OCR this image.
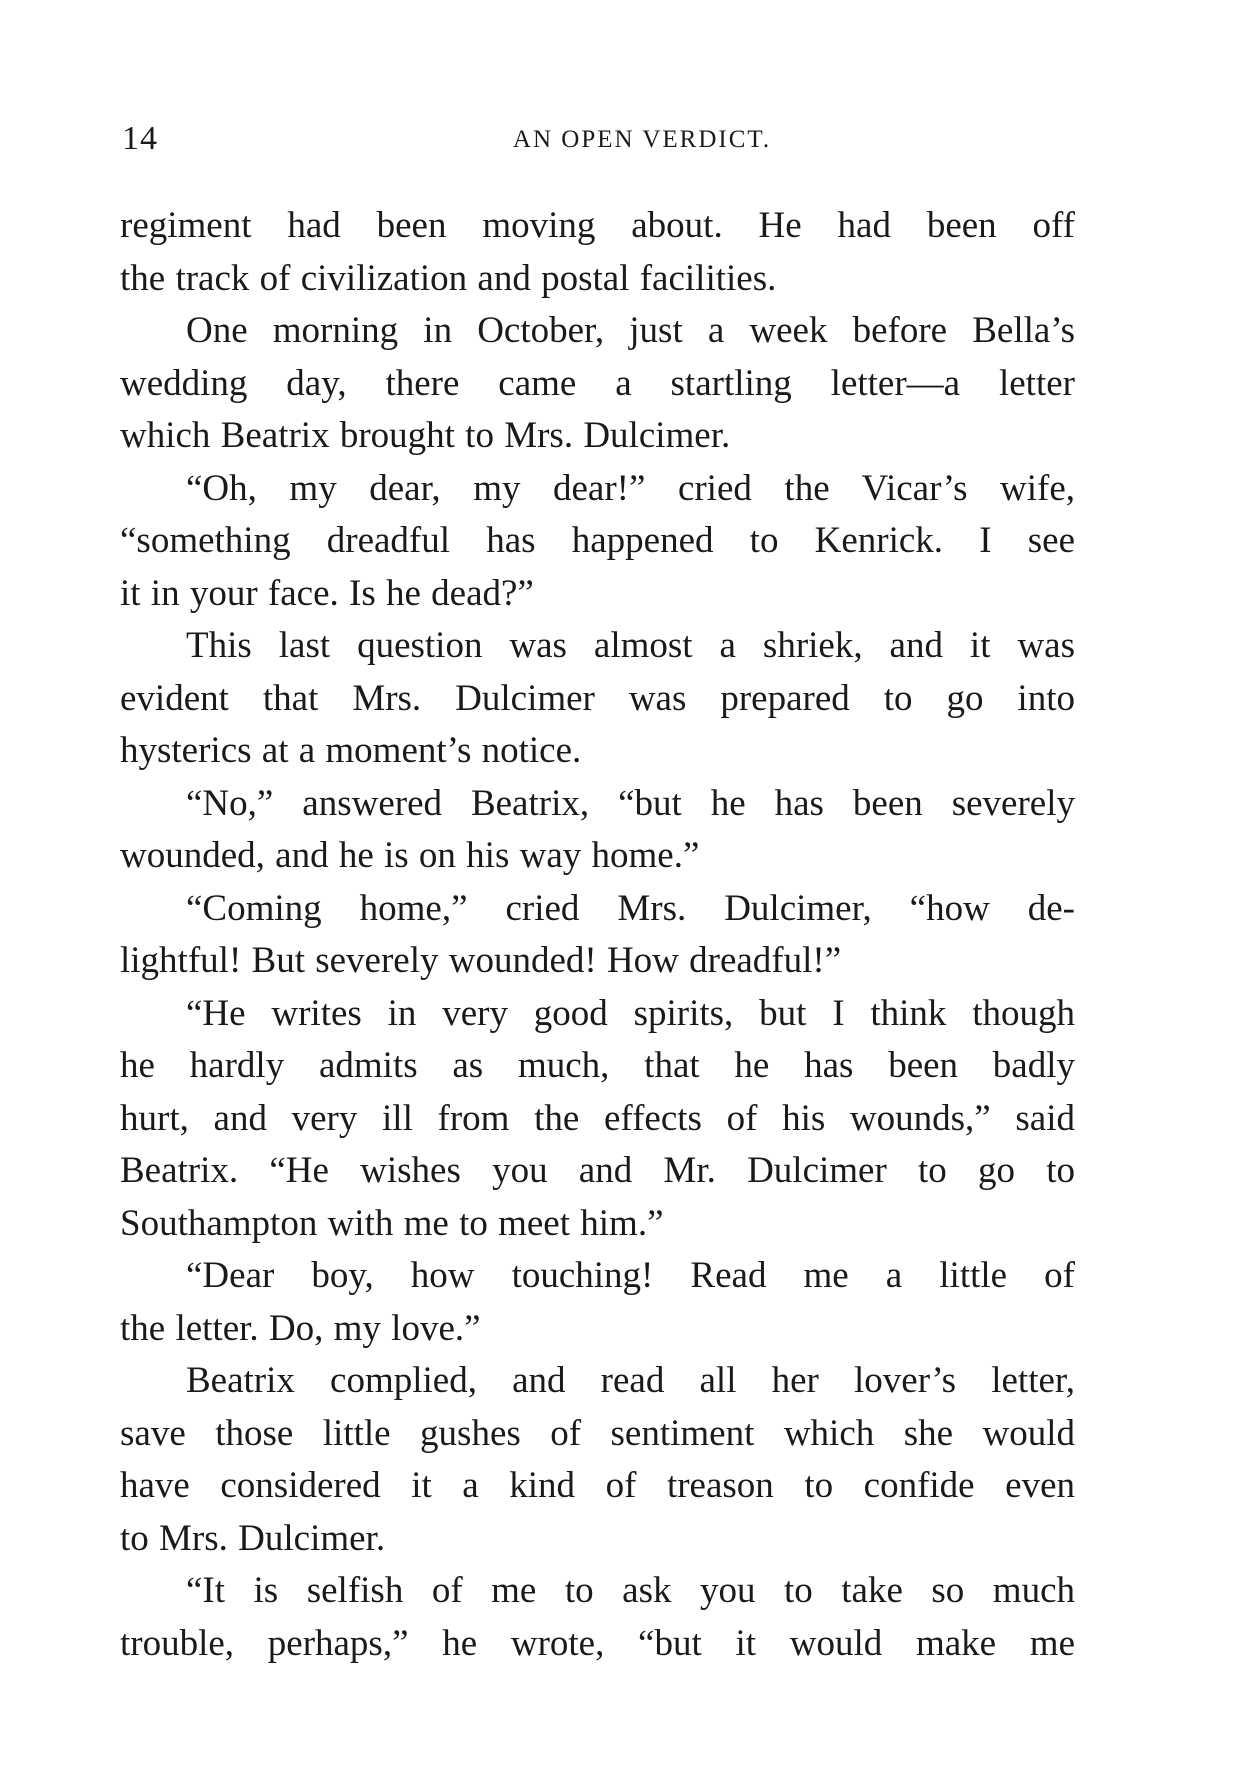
14	AN OPEN VERDICT.
regiment had been moving about. He had been off
the track of civilization and postal facilities.
One morning in October, just a week before Bella’s
wedding day, there came a startling letter—a letter
which Beatrix brought to Mrs. Dulcimer.
“Oh, my dear, my dear!” cried the Vicar’s wife,
“something dreadful has happened to Kenrick. I see
it in your face. Is he dead?”
This last question was almost a shriek, and it was
evident that Mrs. Dulcimer was prepared to go into
hysterics at a moment’s notice.
“No,” answered Beatrix, “but he has been severely
wounded, and he is on his way home.”
“Coming home,” cried Mrs. Dulcimer, “how de-
lightful! But severely wounded! How dreadful!”
“He writes in very good spirits, but I think though
he hardly admits as much, that he has been badly
hurt, and very ill from the effects of his wounds,” said
Beatrix. “He wishes you and Mr. Dulcimer to go to
Southampton with me to meet him.”
“Dear boy, how touching! Read me a little of
the letter. Do, my love.”
Beatrix complied, and read all her lover’s letter,
save those little gushes of sentiment which she would
have considered it a kind of treason to confide even
to Mrs. Dulcimer.
“It is selfish of me to ask you to take so much
trouble, perhaps,” he wrote, “but it would make me
